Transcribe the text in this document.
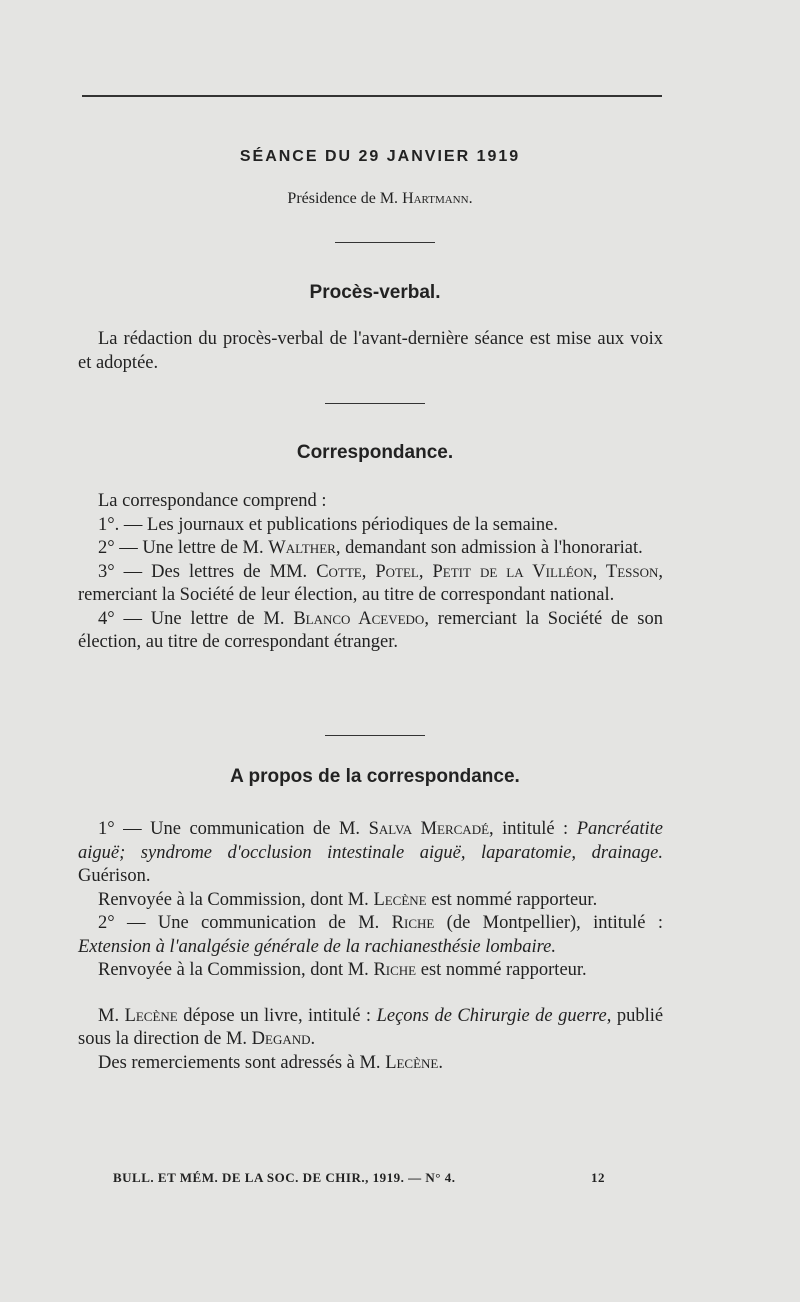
SÉANCE DU 29 JANVIER 1919
Présidence de M. Hartmann.
Procès-verbal.

La rédaction du procès-verbal de l'avant-dernière séance est mise aux voix et adoptée.

Correspondance.

La correspondance comprend :

1°. — Les journaux et publications périodiques de la semaine.

2° — Une lettre de M. Walther, demandant son admission à l'honorariat.

3° — Des lettres de MM. Cotte, Potel, Petit de la Villéon, Tesson, remerciant la Société de leur élection, au titre de correspondant national.

4° — Une lettre de M. Blanco Acevedo, remerciant la Société de son élection, au titre de correspondant étranger.

A propos de la correspondance.

1° — Une communication de M. Salva Mercadé, intitulé : Pancréatite aiguë; syndrome d'occlusion intestinale aiguë, laparatomie, drainage. Guérison.

Renvoyée à la Commission, dont M. Lecène est nommé rapporteur.

2° — Une communication de M. Riche (de Montpellier), intitulé : Extension à l'analgésie générale de la rachianesthésie lombaire.

Renvoyée à la Commission, dont M. Riche est nommé rapporteur.

M. Lecène dépose un livre, intitulé : Leçons de Chirurgie de guerre, publié sous la direction de M. Degand.

Des remerciements sont adressés à M. Lecène.

BULL. ET MÉM. DE LA SOC. DE CHIR., 1919. — N° 4.	12
